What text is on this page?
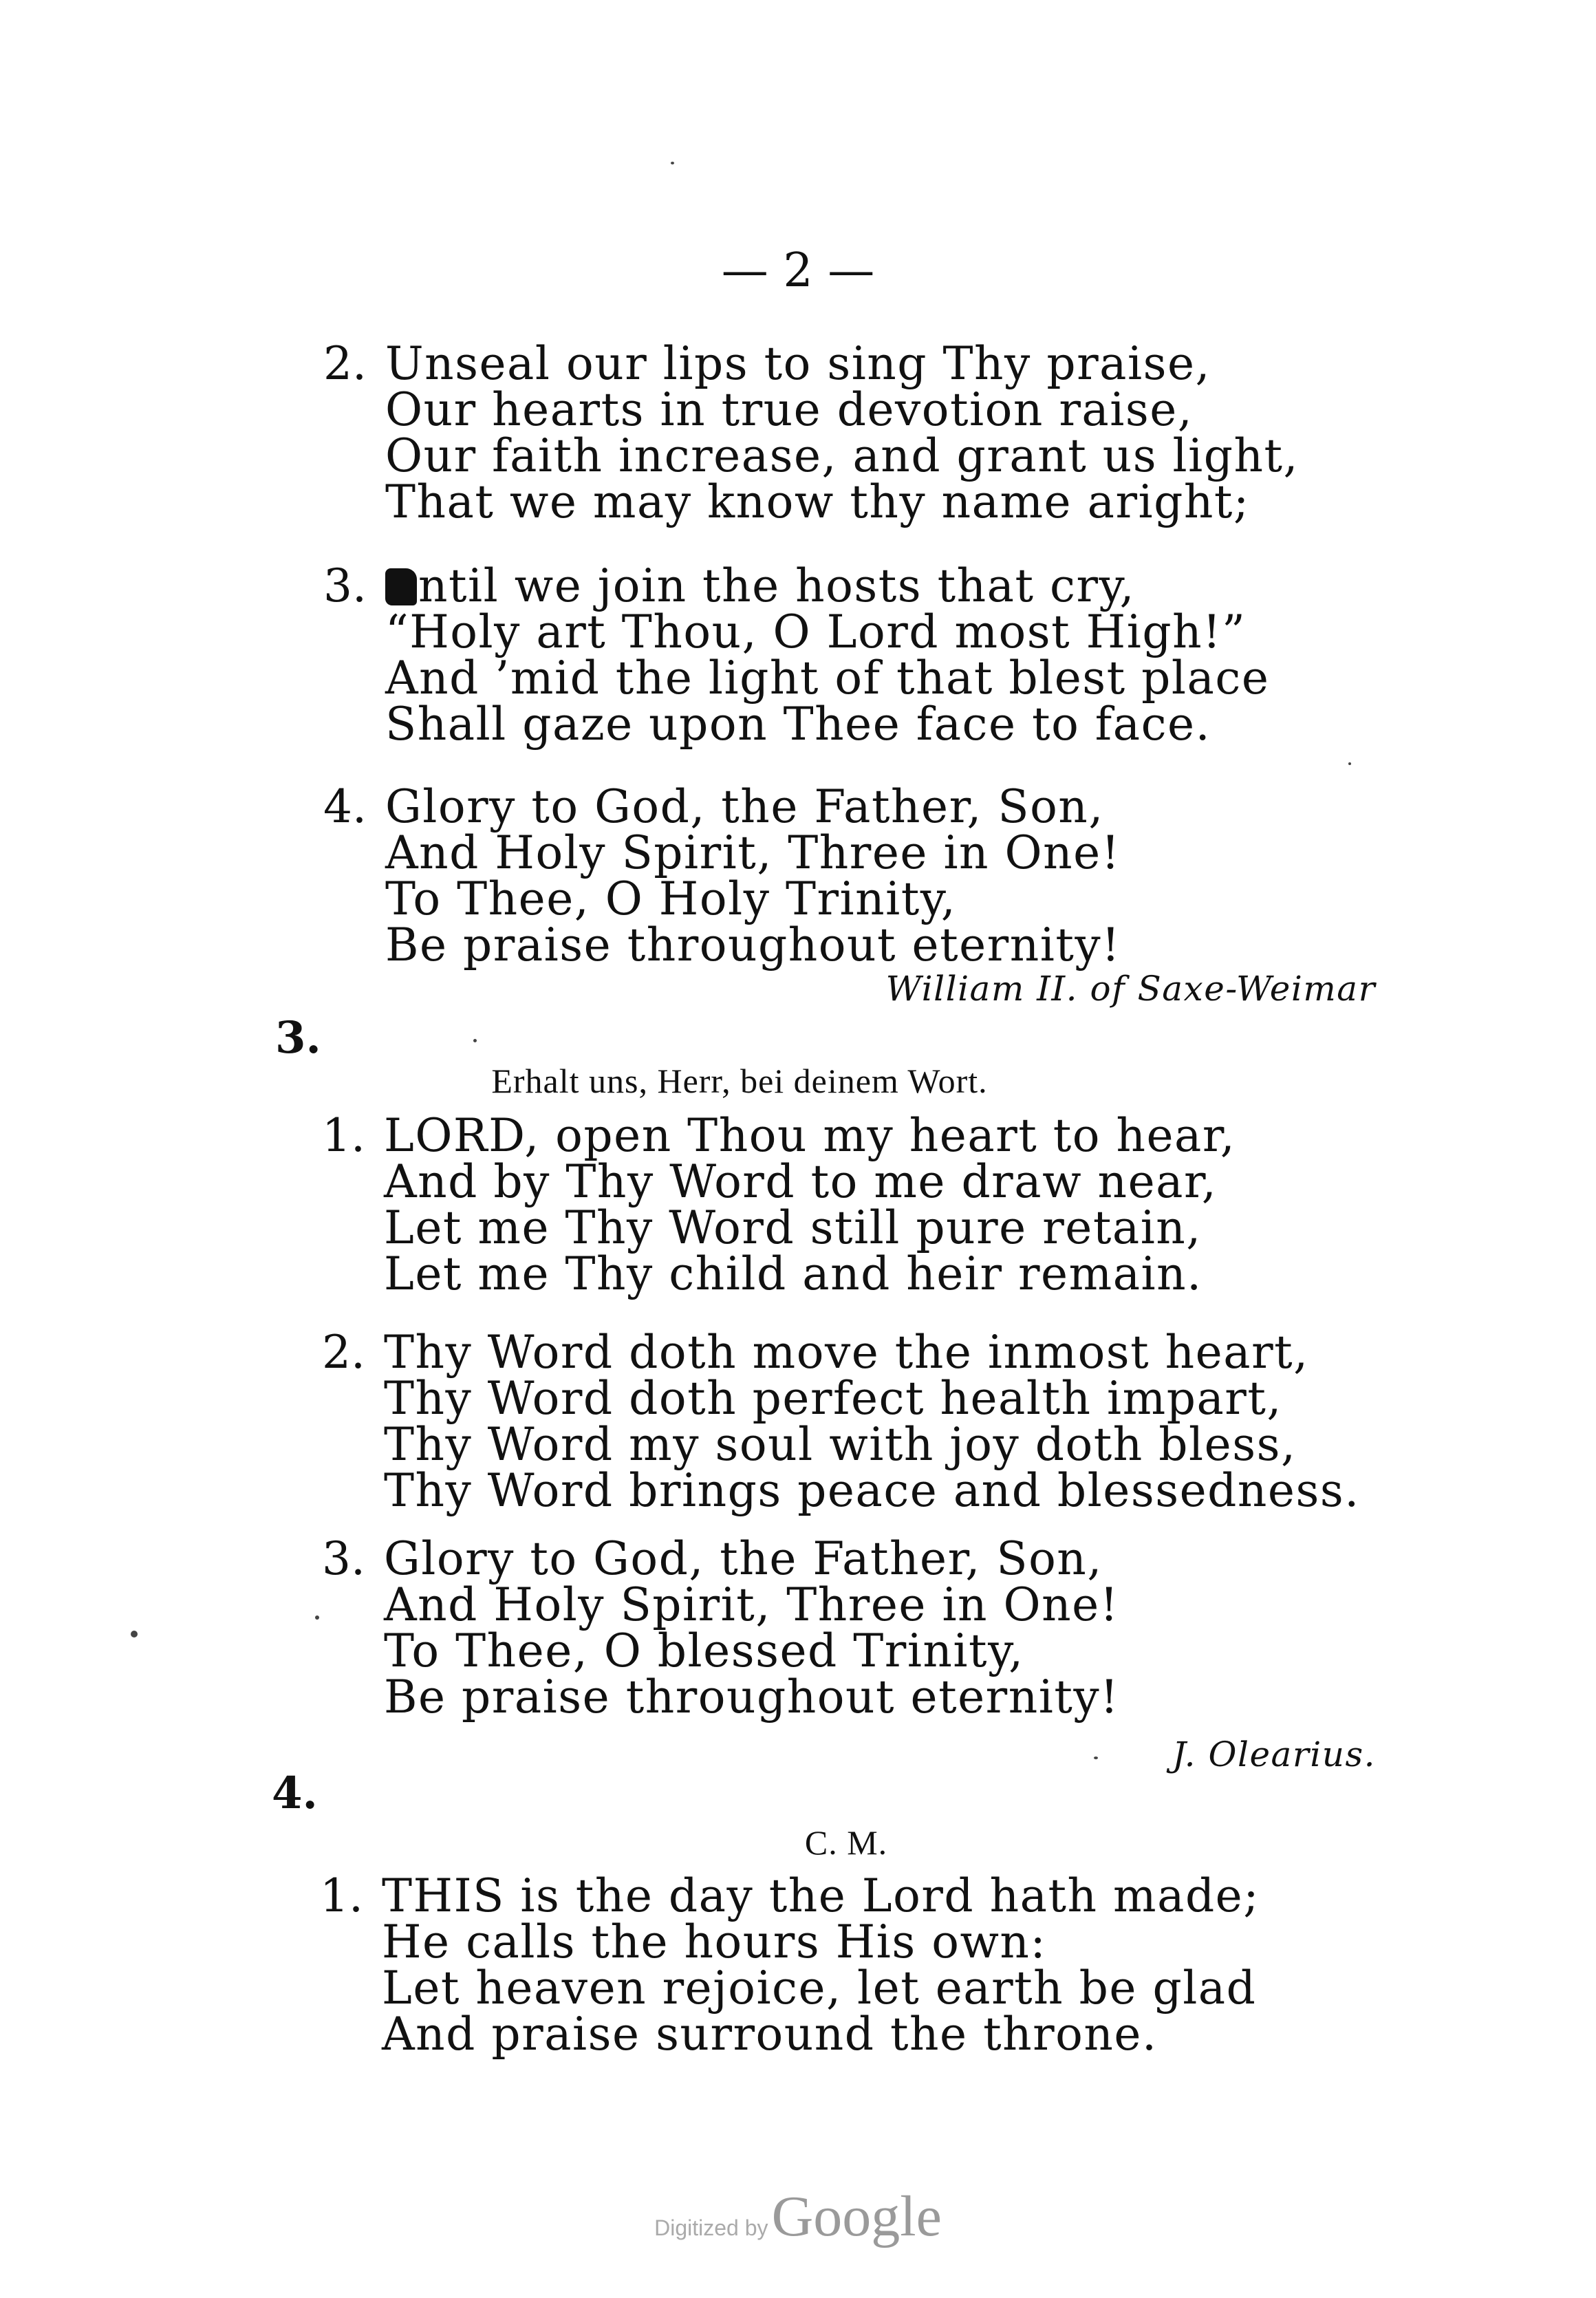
— 2 —
2. Unseal our lips to sing Thy praise,
Our hearts in true devotion raise,
Our faith increase, and grant us light,
That we may know thy name aright;
3.	ntil we join the hosts that cry,
“Holy art Thou, O Lord most High!”
And ’mid the light of that blest place
Shall gaze upon Thee face to face.
4. Glory to God, the Father, Son,
And Holy Spirit, Three in One!
To Thee, O Holy Trinity,
Be praise throughout eternity!
William II. of Saxe-Weimar
3.
Erhalt uns, Herr, bei deinem Wort.
1. LORD, open Thou my heart to hear,
And by Thy Word to me draw near,
Let me Thy Word still pure retain,
Let me Thy child and heir remain.
2. Thy Word doth move the inmost heart,
Thy Word doth perfect health impart,
Thy Word my soul with joy doth bless,
Thy Word brings peace and blessedness.
3. Glory to God, the Father, Son,
And Holy Spirit, Three in One!
To Thee, O blessed Trinity,
Be praise throughout eternity!
J. Olearius.
4.
C. M.
1. THIS is the day the Lord hath made;
He calls the hours His own:
Let heaven rejoice, let earth be glad
And praise surround the throne.
Digitized by Google
